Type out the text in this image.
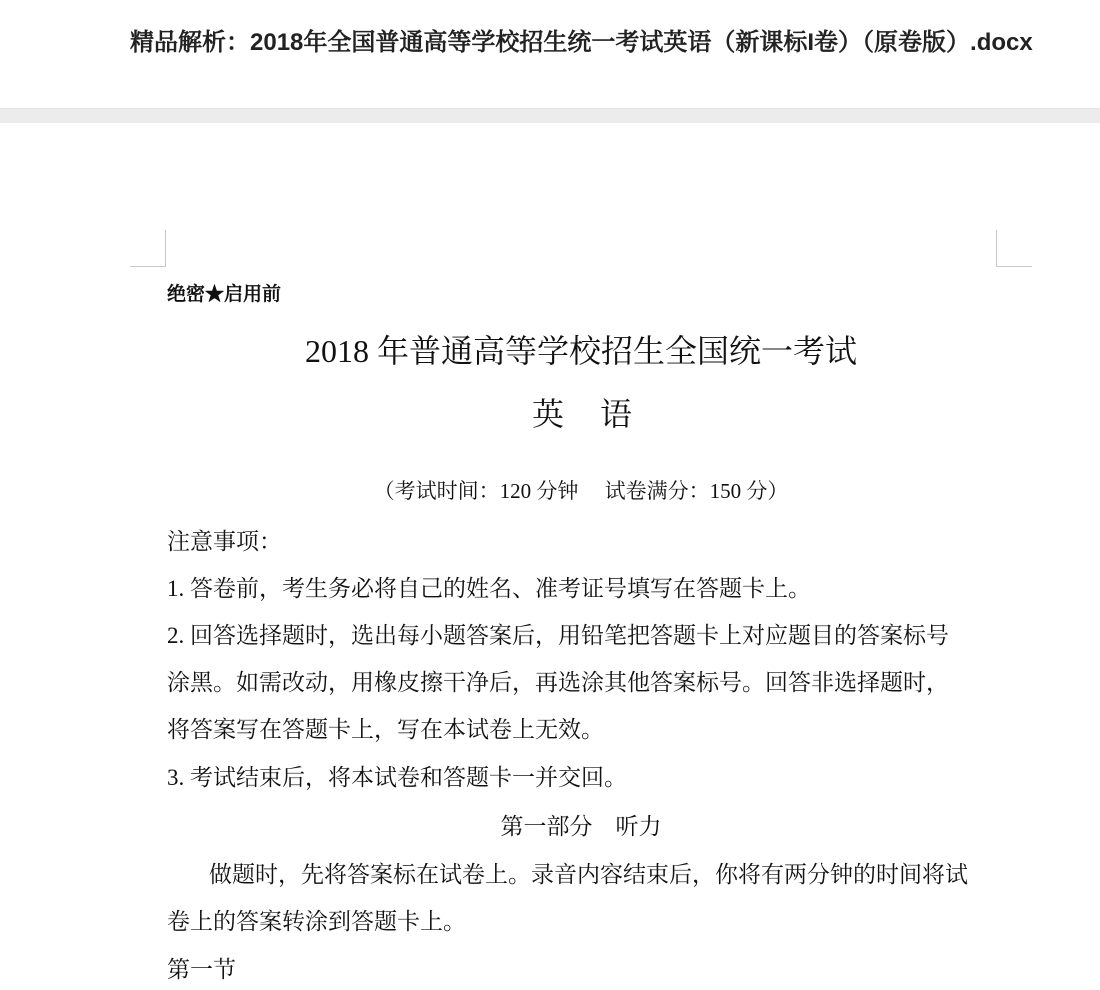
精品解析：2018年全国普通高等学校招生统一考试英语（新课标I卷）（原卷版）.docx
绝密★启用前
2018 年普通高等学校招生全国统一考试
英 语
（考试时间：120 分钟　 试卷满分：150 分）
注意事项：
1. 答卷前，考生务必将自己的姓名、准考证号填写在答题卡上。
2. 回答选择题时，选出每小题答案后，用铅笔把答题卡上对应题目的答案标号
涂黑。如需改动，用橡皮擦干净后，再选涂其他答案标号。回答非选择题时，
将答案写在答题卡上，写在本试卷上无效。
3. 考试结束后，将本试卷和答题卡一并交回。
第一部分　听力
做题时，先将答案标在试卷上。录音内容结束后，你将有两分钟的时间将试
卷上的答案转涂到答题卡上。
第一节
